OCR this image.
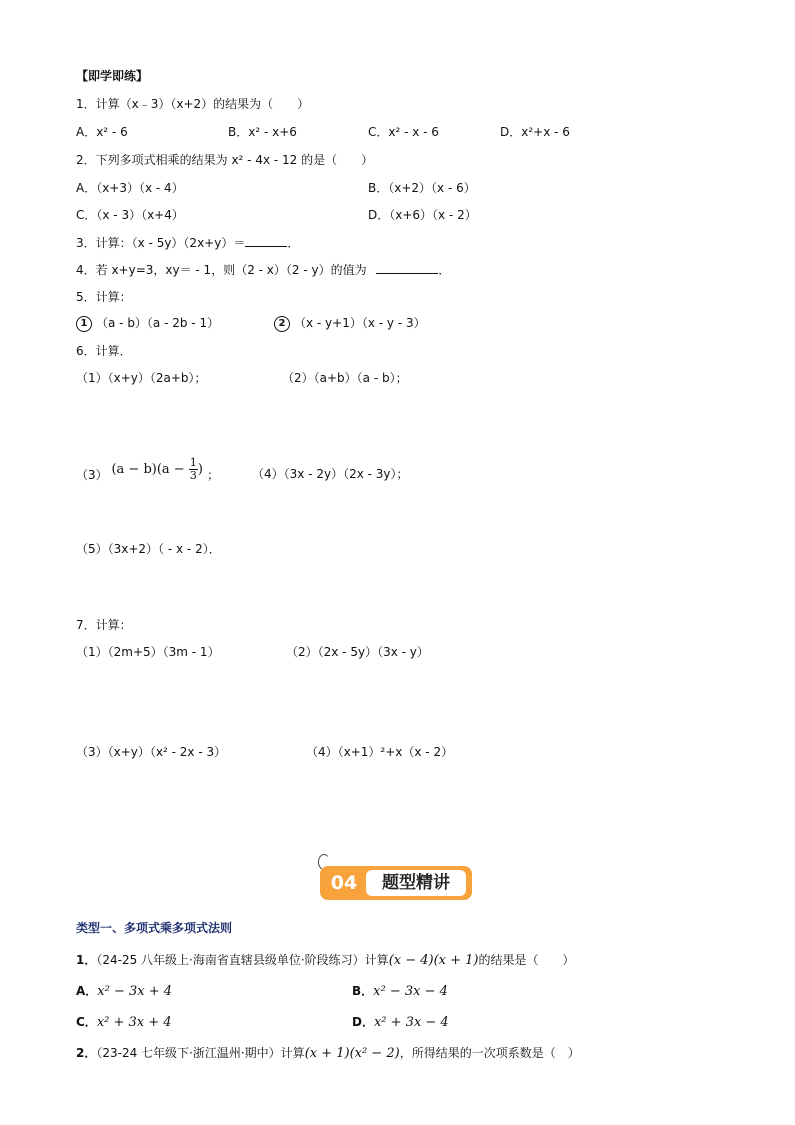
【即学即练】
1．计算（x﹣3）（x+2）的结果为（　　）
A．x² - 6	B．x² - x+6	C．x² - x - 6	D．x²+x - 6
2．下列多项式相乘的结果为 x² - 4x - 12 的是（　　）
A．（x+3）（x - 4）	B．（x+2）（x - 6）
C．（x - 3）（x+4）	D．（x+6）（x - 2）
3．计算：（x - 5y）（2x+y）＝	．
4．若 x+y=3，xy＝ - 1，则（2 - x）（2 - y）的值为	．
5．计算：
1 （a - b）（a - 2b - 1）	2 （x - y+1）（x - y - 3）
6．计算．
（1）（x+y）（2a+b）；	（2）（a+b）（a - b）；
（3） $(a - b)(a - \frac{1}{3}$ ) ；	（4）（3x - 2y）（2x - 3y）；
（5）（3x+2）（ - x - 2）．
7．计算：
（1）（2m+5）（3m - 1）	（2）（2x - 5y）（3x - y）
（3）（x+y）（x² - 2x - 3）	（4）（x+1）²+x（x - 2）
04	题型精讲
类型一、多项式乘多项式法则
1．（24-25 八年级上·海南省直辖县级单位·阶段练习）计算(x − 4)(x + 1)的结果是（　　）
A．x² − 3x + 4	B．x² − 3x − 4
C．x² + 3x + 4	D．x² + 3x − 4
2．（23-24 七年级下·浙江温州·期中）计算(x + 1)(x² − 2)，所得结果的一次项系数是（　）
